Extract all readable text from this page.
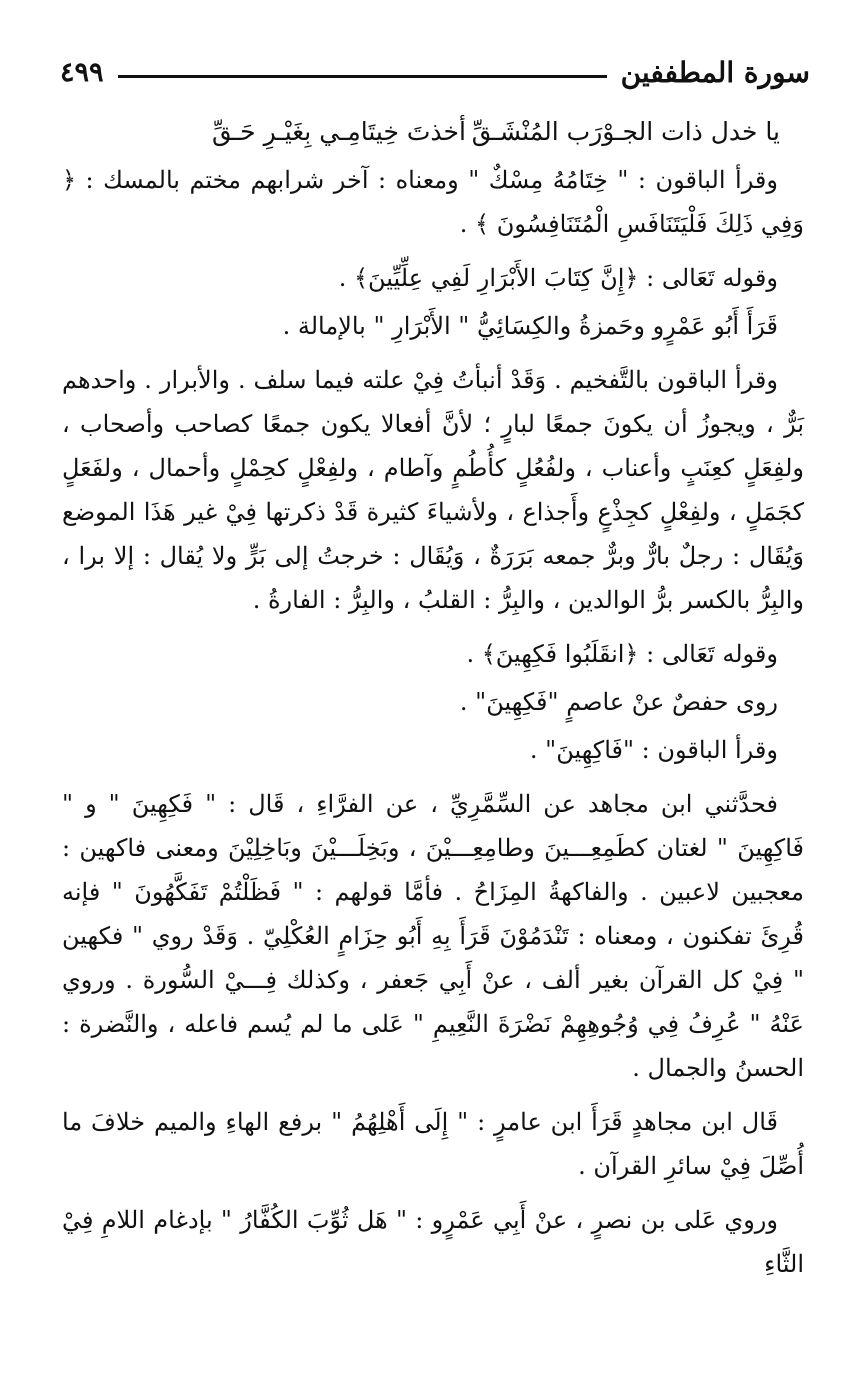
٤٩٩	سورة المطففين
يا خدل ذات الجـوْرَب المُنْشَـقِّ
أخذتَ خِيتَامِـي بِغَيْـرِ حَـقِّ

وقرأ الباقون : " خِتَامُهُ مِسْكٌ " ومعناه : آخر شرابهم مختم بالمسك : ﴿ وَفِي ذَلِكَ فَلْيَتَنَافَسِ الْمُتَنَافِسُونَ ﴾ .

وقوله تَعَالى : ﴿إِنَّ كِتَابَ الأَبْرَارِ لَفِي عِلِّيِّينَ﴾ .

قَرَأَ أَبُو عَمْرٍو وحَمزةُ والكِسَائِيُّ " الأَبْرَارِ " بالإمالة .

وقرأ الباقون بالتَّفخيم . وَقَدْ أنبأتُ فِيْ علته فيما سلف . والأبرار . واحدهم بَرٌّ ، ويجوزُ أن يكونَ جمعًا لبارٍ ؛ لأنَّ أفعالا يكون جمعًا كصاحب وأصحاب ، ولفِعَلٍ كعِنَبٍ وأعناب ، ولفُعُلٍ كأُطُمٍ وآطام ، ولفِعْلٍ كحِمْلٍ وأحمال ، ولفَعَلٍ كجَمَلٍ ، ولفِعْلٍ كجِذْعٍ وأَجذاع ، ولأشياءَ كثيرة قَدْ ذكرتها فِيْ غير هَذَا الموضع وَيُقَال : رجلٌ بارٌّ وبرٌّ جمعه بَرَرَةٌ ، وَيُقَال : خرجتُ إلى بَرٍّ ولا يُقال : إلا برا ، والبِرُّ بالكسر برُّ الوالدين ، والبِرُّ : القلبُ ، والبِرُّ : الفارةُ .

وقوله تَعَالى : ﴿انقَلَبُوا فَكِهِينَ﴾ .

روى حفصٌ عنْ عاصمٍ "فَكِهِينَ" .

وقرأ الباقون : "فَاكِهِينَ" .

فحدَّثني ابن مجاهد عن السِّمَّرِيِّ ، عن الفرَّاءِ ، قَال : " فَكِهِينَ " و " فَاكِهِينَ " لغتان كطَمِعِـــينَ وطامِعِـــيْنَ ، وبَخِلَـــيْنَ وبَاخِلِيْنَ ومعنى فاكهين : معجبين لاعبين . والفاكهةُ المِزَاحُ . فأمَّا قولهم : " فَظَلْتُمْ تَفَكَّهُونَ " فإنه قُرِئَ تفكنون ، ومعناه : تَنْدَمُوْنَ قَرَأَ بِهِ أَبُو حِزَامٍ العُكْلِيّ . وَقَدْ روي " فكهين " فِيْ كل القرآن بغير ألف ، عنْ أَبِي جَعفر ، وكذلك فِـــيْ السُّورة . وروي عَنْهُ " عُرِفُ فِي وُجُوهِهِمْ نَضْرَةَ النَّعِيمِ " عَلى ما لم يُسم فاعله ، والنَّضرة : الحسنُ والجمال .

قَال ابن مجاهدٍ قَرَأَ ابن عامرٍ : " إِلَى أَهْلِهُمُ " برفع الهاءِ والميم خلافَ ما أُصِّلَ فِيْ سائرِ القرآن .

وروي عَلى بن نصرٍ ، عنْ أَبِي عَمْرٍو : " هَل ثُوِّبَ الكُفَّارُ " بإدغام اللامِ فِيْ الثَّاءِ
